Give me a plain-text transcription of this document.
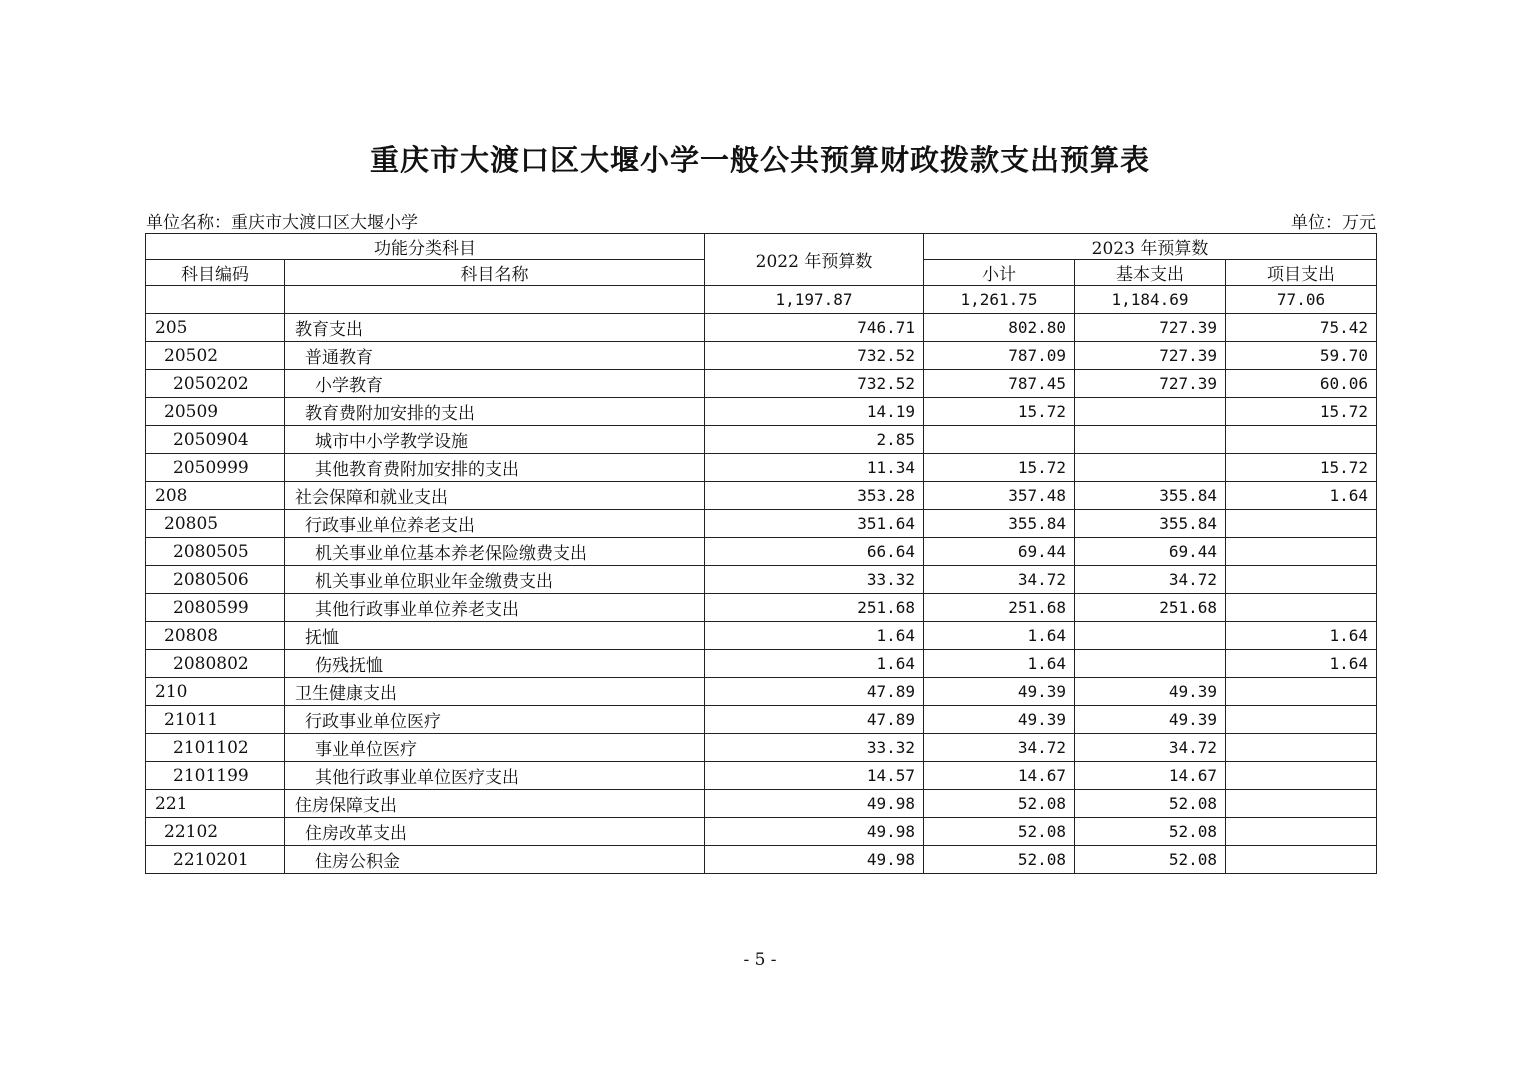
重庆市大渡口区大堰小学一般公共预算财政拨款支出预算表
单位名称：重庆市大渡口区大堰小学	单位：万元
功能分类科目		2022 年预算数	2023 年预算数		
科目编码	科目名称		小计	基本支出	项目支出
		1,197.87	1,261.75	1,184.69	77.06
205	教育支出	746.71	802.80	727.39	75.42
20502	普通教育	732.52	787.09	727.39	59.70
2050202	小学教育	732.52	787.45	727.39	60.06
20509	教育费附加安排的支出	14.19	15.72		15.72
2050904	城市中小学教学设施	2.85			
2050999	其他教育费附加安排的支出	11.34	15.72		15.72
208	社会保障和就业支出	353.28	357.48	355.84	1.64
20805	行政事业单位养老支出	351.64	355.84	355.84	
2080505	机关事业单位基本养老保险缴费支出	66.64	69.44	69.44	
2080506	机关事业单位职业年金缴费支出	33.32	34.72	34.72	
2080599	其他行政事业单位养老支出	251.68	251.68	251.68	
20808	抚恤	1.64	1.64		1.64
2080802	伤残抚恤	1.64	1.64		1.64
210	卫生健康支出	47.89	49.39	49.39	
21011	行政事业单位医疗	47.89	49.39	49.39	
2101102	事业单位医疗	33.32	34.72	34.72	
2101199	其他行政事业单位医疗支出	14.57	14.67	14.67	
221	住房保障支出	49.98	52.08	52.08	
22102	住房改革支出	49.98	52.08	52.08	
2210201	住房公积金	49.98	52.08	52.08	
- 5 -
